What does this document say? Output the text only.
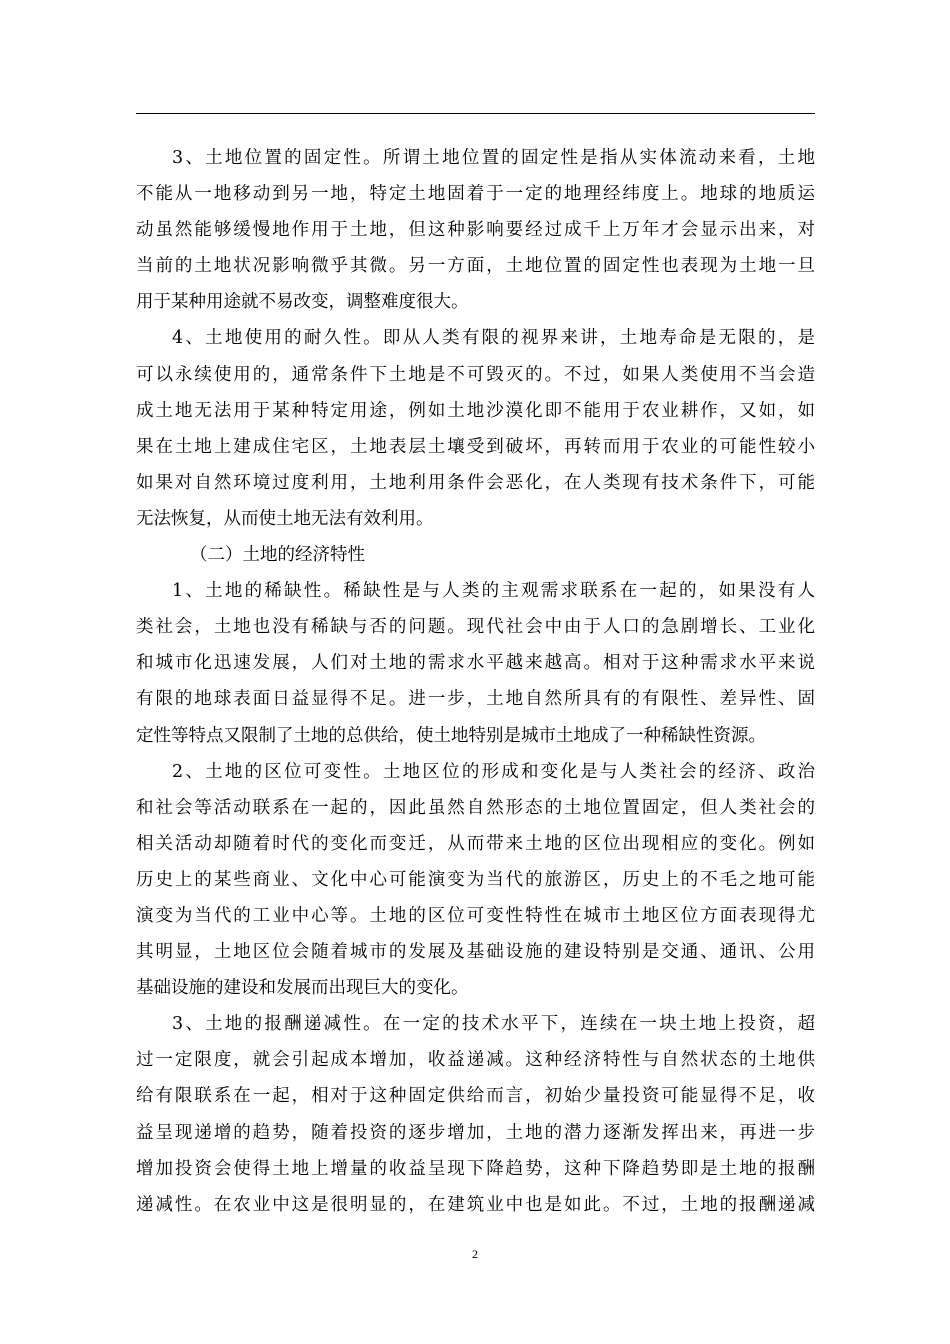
3、土地位置的固定性。所谓土地位置的固定性是指从实体流动来看，土地
不能从一地移动到另一地，特定土地固着于一定的地理经纬度上。地球的地质运
动虽然能够缓慢地作用于土地，但这种影响要经过成千上万年才会显示出来，对
当前的土地状况影响微乎其微。另一方面，土地位置的固定性也表现为土地一旦
用于某种用途就不易改变，调整难度很大。
4、土地使用的耐久性。即从人类有限的视界来讲，土地寿命是无限的，是
可以永续使用的，通常条件下土地是不可毁灭的。不过，如果人类使用不当会造
成土地无法用于某种特定用途，例如土地沙漠化即不能用于农业耕作，又如，如
果在土地上建成住宅区，土地表层土壤受到破坏，再转而用于农业的可能性较小
如果对自然环境过度利用，土地利用条件会恶化，在人类现有技术条件下，可能
无法恢复，从而使土地无法有效利用。
（二）土地的经济特性
1、土地的稀缺性。稀缺性是与人类的主观需求联系在一起的，如果没有人
类社会，土地也没有稀缺与否的问题。现代社会中由于人口的急剧增长、工业化
和城市化迅速发展，人们对土地的需求水平越来越高。相对于这种需求水平来说
有限的地球表面日益显得不足。进一步，土地自然所具有的有限性、差异性、固
定性等特点又限制了土地的总供给，使土地特别是城市土地成了一种稀缺性资源。
2、土地的区位可变性。土地区位的形成和变化是与人类社会的经济、政治
和社会等活动联系在一起的，因此虽然自然形态的土地位置固定，但人类社会的
相关活动却随着时代的变化而变迁，从而带来土地的区位出现相应的变化。例如
历史上的某些商业、文化中心可能演变为当代的旅游区，历史上的不毛之地可能
演变为当代的工业中心等。土地的区位可变性特性在城市土地区位方面表现得尤
其明显，土地区位会随着城市的发展及基础设施的建设特别是交通、通讯、公用
基础设施的建设和发展而出现巨大的变化。
3、土地的报酬递减性。在一定的技术水平下，连续在一块土地上投资，超
过一定限度，就会引起成本增加，收益递减。这种经济特性与自然状态的土地供
给有限联系在一起，相对于这种固定供给而言，初始少量投资可能显得不足，收
益呈现递增的趋势，随着投资的逐步增加，土地的潜力逐渐发挥出来，再进一步
增加投资会使得土地上增量的收益呈现下降趋势，这种下降趋势即是土地的报酬
递减性。在农业中这是很明显的，在建筑业中也是如此。不过，土地的报酬递减
2
